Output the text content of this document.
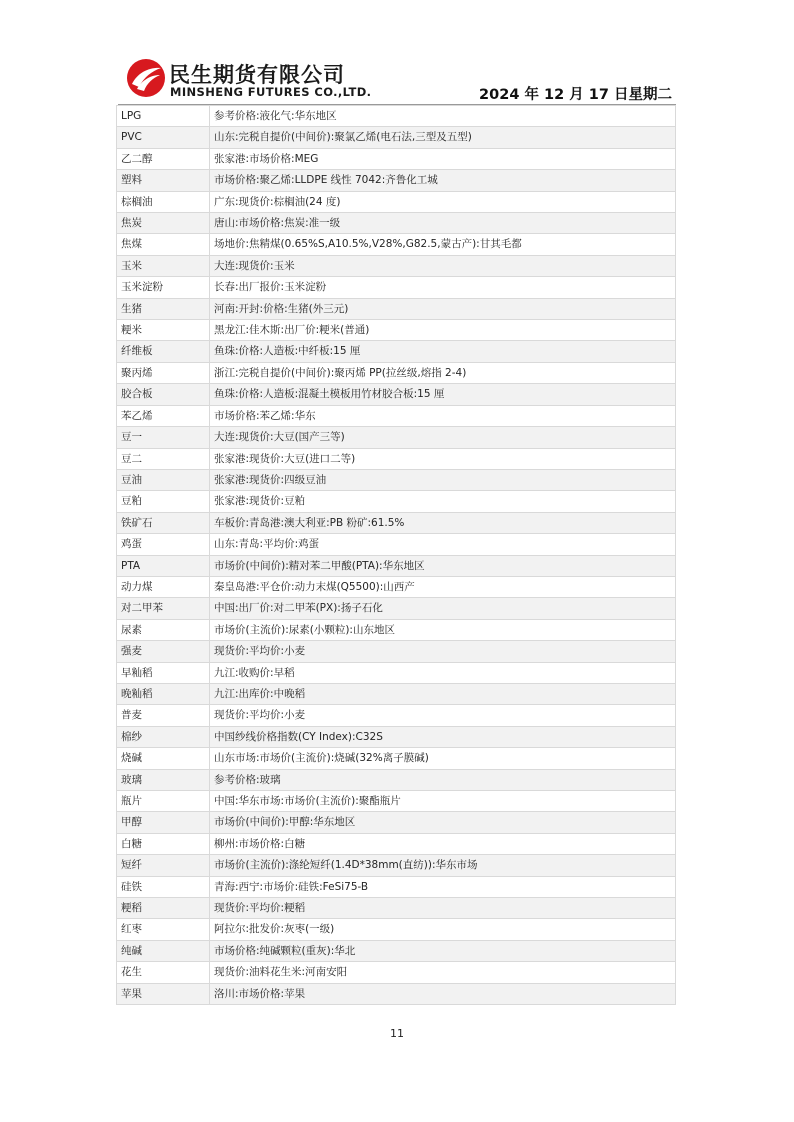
民生期货有限公司
MINSHENG FUTURES CO.,LTD.	2024 年 12 月 17 日星期二
LPG	参考价格:液化气:华东地区
PVC	山东:完税自提价(中间价):聚氯乙烯(电石法,三型及五型)
乙二醇	张家港:市场价格:MEG
塑料	市场价格:聚乙烯:LLDPE 线性 7042:齐鲁化工城
棕榈油	广东:现货价:棕榈油(24 度)
焦炭	唐山:市场价格:焦炭:准一级
焦煤	场地价:焦精煤(0.65%S,A10.5%,V28%,G82.5,蒙古产):甘其毛都
玉米	大连:现货价:玉米
玉米淀粉	长春:出厂报价:玉米淀粉
生猪	河南:开封:价格:生猪(外三元)
粳米	黑龙江:佳木斯:出厂价:粳米(普通)
纤维板	鱼珠:价格:人造板:中纤板:15 厘
聚丙烯	浙江:完税自提价(中间价):聚丙烯 PP(拉丝级,熔指 2-4)
胶合板	鱼珠:价格:人造板:混凝土模板用竹材胶合板:15 厘
苯乙烯	市场价格:苯乙烯:华东
豆一	大连:现货价:大豆(国产三等)
豆二	张家港:现货价:大豆(进口二等)
豆油	张家港:现货价:四级豆油
豆粕	张家港:现货价:豆粕
铁矿石	车板价:青岛港:澳大利亚:PB 粉矿:61.5%
鸡蛋	山东:青岛:平均价:鸡蛋
PTA	市场价(中间价):精对苯二甲酸(PTA):华东地区
动力煤	秦皇岛港:平仓价:动力末煤(Q5500):山西产
对二甲苯	中国:出厂价:对二甲苯(PX):扬子石化
尿素	市场价(主流价):尿素(小颗粒):山东地区
强麦	现货价:平均价:小麦
早籼稻	九江:收购价:早稻
晚籼稻	九江:出库价:中晚稻
普麦	现货价:平均价:小麦
棉纱	中国纱线价格指数(CY Index):C32S
烧碱	山东市场:市场价(主流价):烧碱(32%离子膜碱)
玻璃	参考价格:玻璃
瓶片	中国:华东市场:市场价(主流价):聚酯瓶片
甲醇	市场价(中间价):甲醇:华东地区
白糖	柳州:市场价格:白糖
短纤	市场价(主流价):涤纶短纤(1.4D*38mm(直纺)):华东市场
硅铁	青海:西宁:市场价:硅铁:FeSi75-B
粳稻	现货价:平均价:粳稻
红枣	阿拉尔:批发价:灰枣(一级)
纯碱	市场价格:纯碱颗粒(重灰):华北
花生	现货价:油料花生米:河南安阳
苹果	洛川:市场价格:苹果
11
